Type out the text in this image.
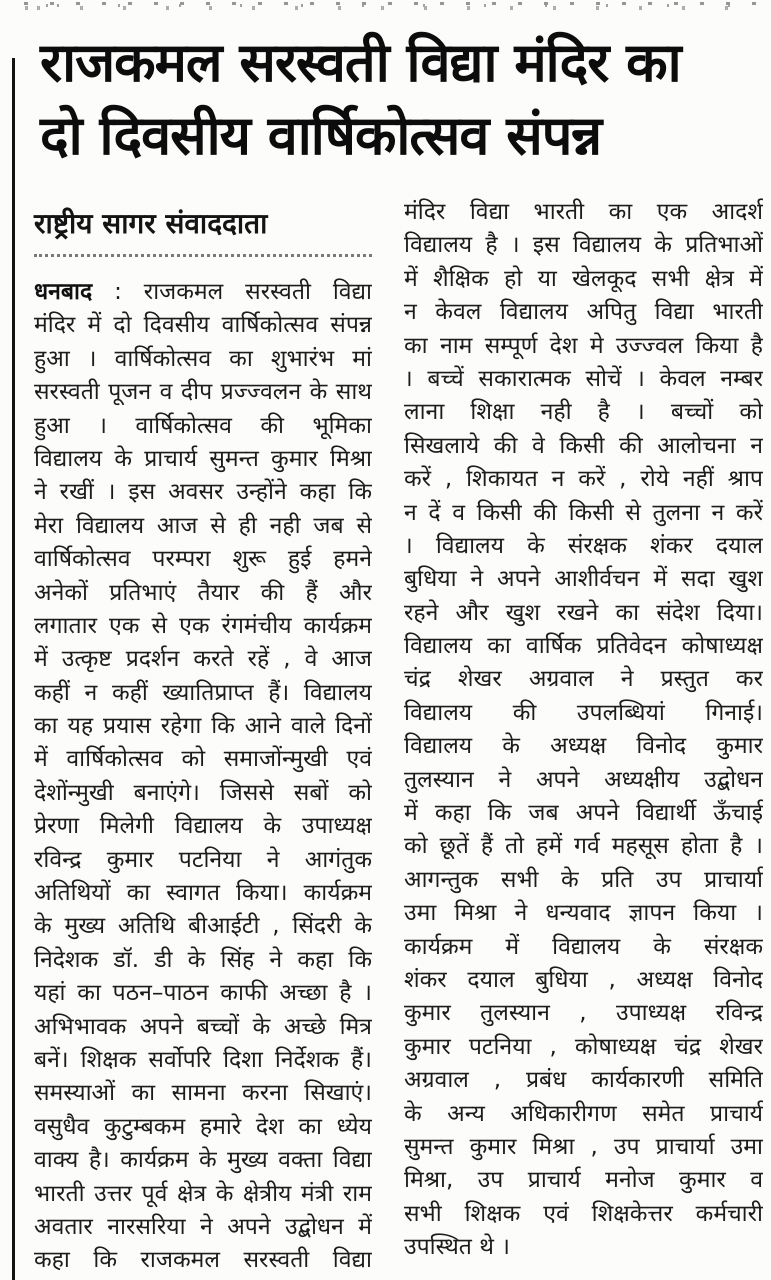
राजकमल सरस्वती विद्या मंदिर का
दो दिवसीय वार्षिकोत्सव संपन्न
राष्ट्रीय सागर संवाददाता
धनबाद : राजकमल सरस्वती विद्या
मंदिर में दो दिवसीय वार्षिकोत्सव संपन्न
हुआ । वार्षिकोत्सव का शुभारंभ मां
सरस्वती पूजन व दीप प्रज्ज्वलन के साथ
हुआ । वार्षिकोत्सव की भूमिका
विद्यालय के प्राचार्य सुमन्त कुमार मिश्रा
ने रखीं । इस अवसर उन्होंने कहा कि
मेरा विद्यालय आज से ही नही जब से
वार्षिकोत्सव परम्परा शुरू हुई हमने
अनेकों प्रतिभाएं तैयार की हैं और
लगातार एक से एक रंगमंचीय कार्यक्रम
में उत्कृष्ट प्रदर्शन करते रहें , वे आज
कहीं न कहीं ख्यातिप्राप्त हैं। विद्यालय
का यह प्रयास रहेगा कि आने वाले दिनों
में वार्षिकोत्सव को समाजोंन्मुखी एवं
देशोंन्मुखी बनाएंगे। जिससे सबों को
प्रेरणा मिलेगी विद्यालय के उपाध्यक्ष
रविन्द्र कुमार पटनिया ने आगंतुक
अतिथियों का स्वागत किया। कार्यक्रम
के मुख्य अतिथि बीआईटी , सिंदरी के
निदेशक डॉ. डी के सिंह ने कहा कि
यहां का पठन–पाठन काफी अच्छा है ।
अभिभावक अपने बच्चों के अच्छे मित्र
बनें। शिक्षक सर्वोपरि दिशा निर्देशक हैं।
समस्याओं का सामना करना सिखाएं।
वसुधैव कुटुम्बकम हमारे देश का ध्येय
वाक्य है। कार्यक्रम के मुख्य वक्ता विद्या
भारती उत्तर पूर्व क्षेत्र के क्षेत्रीय मंत्री राम
अवतार नारसरिया ने अपने उद्बोधन में
कहा कि राजकमल सरस्वती विद्या
मंदिर विद्या भारती का एक आदर्श
विद्यालय है । इस विद्यालय के प्रतिभाओं
में शैक्षिक हो या खेलकूद सभी क्षेत्र में
न केवल विद्यालय अपितु विद्या भारती
का नाम सम्पूर्ण देश मे उज्ज्वल किया है
। बच्चें सकारात्मक सोचें । केवल नम्बर
लाना शिक्षा नही है । बच्चों को
सिखलाये की वे किसी की आलोचना न
करें , शिकायत न करें , रोये नहीं श्राप
न दें व किसी की किसी से तुलना न करें
। विद्यालय के संरक्षक शंकर दयाल
बुधिया ने अपने आशीर्वचन में सदा खुश
रहने और खुश रखने का संदेश दिया।
विद्यालय का वार्षिक प्रतिवेदन कोषाध्यक्ष
चंद्र शेखर अग्रवाल ने प्रस्तुत कर
विद्यालय की उपलब्धियां गिनाई।
विद्यालय के अध्यक्ष विनोद कुमार
तुलस्यान ने अपने अध्यक्षीय उद्बोधन
में कहा कि जब अपने विद्यार्थी ऊँचाई
को छूतें हैं तो हमें गर्व महसूस होता है ।
आगन्तुक सभी के प्रति उप प्राचार्या
उमा मिश्रा ने धन्यवाद ज्ञापन किया ।
कार्यक्रम में विद्यालय के संरक्षक
शंकर दयाल बुधिया , अध्यक्ष विनोद
कुमार तुलस्यान , उपाध्यक्ष रविन्द्र
कुमार पटनिया , कोषाध्यक्ष चंद्र शेखर
अग्रवाल , प्रबंध कार्यकारणी समिति
के अन्य अधिकारीगण समेत प्राचार्य
सुमन्त कुमार मिश्रा , उप प्राचार्या उमा
मिश्रा, उप प्राचार्य मनोज कुमार व
सभी शिक्षक एवं शिक्षकेत्तर कर्मचारी
उपस्थित थे ।
